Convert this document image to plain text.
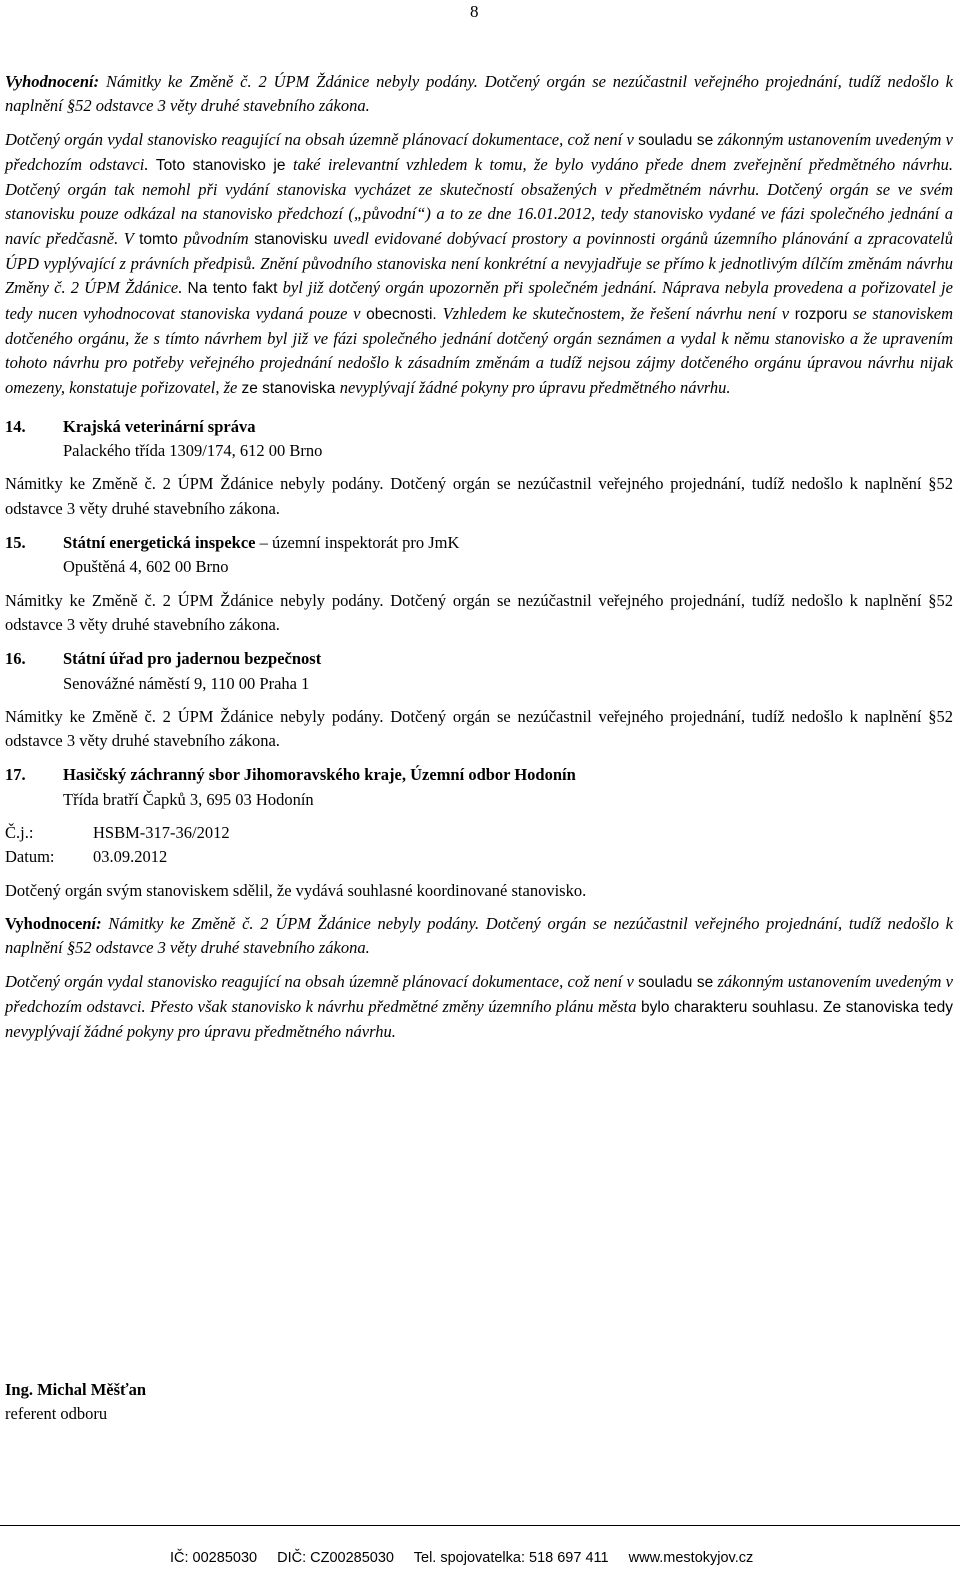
8

Vyhodnocení: Námitky ke Změně č. 2 ÚPM Ždánice nebyly podány. Dotčený orgán se nezúčastnil veřejného projednání, tudíž nedošlo k naplnění §52 odstavce 3 věty druhé stavebního zákona.

Dotčený orgán vydal stanovisko reagující na obsah územně plánovací dokumentace, což není v souladu se zákonným ustanovením uvedeným v předchozím odstavci. Toto stanovisko je také irelevantní vzhledem k tomu, že bylo vydáno přede dnem zveřejnění předmětného návrhu. Dotčený orgán tak nemohl při vydání stanoviska vycházet ze skutečností obsažených v předmětném návrhu. Dotčený orgán se ve svém stanovisku pouze odkázal na stanovisko předchozí („původní“) a to ze dne 16.01.2012, tedy stanovisko vydané ve fázi společného jednání a navíc předčasně. V tomto původním stanovisku uvedl evidované dobývací prostory a povinnosti orgánů územního plánování a zpracovatelů ÚPD vyplývající z právních předpisů. Znění původního stanoviska není konkrétní a nevyjadřuje se přímo k jednotlivým dílčím změnám návrhu Změny č. 2 ÚPM Ždánice. Na tento fakt byl již dotčený orgán upozorněn při společném jednání. Náprava nebyla provedena a pořizovatel je tedy nucen vyhodnocovat stanoviska vydaná pouze v obecnosti. Vzhledem ke skutečnostem, že řešení návrhu není v rozporu se stanoviskem dotčeného orgánu, že s tímto návrhem byl již ve fázi společného jednání dotčený orgán seznámen a vydal k němu stanovisko a že upravením tohoto návrhu pro potřeby veřejného projednání nedošlo k zásadním změnám a tudíž nejsou zájmy dotčeného orgánu úpravou návrhu nijak omezeny, konstatuje pořizovatel, že ze stanoviska nevyplývají žádné pokyny pro úpravu předmětného návrhu.

14.	Krajská veterinární správa
Palackého třída 1309/174, 612 00 Brno

Námitky ke Změně č. 2 ÚPM Ždánice nebyly podány. Dotčený orgán se nezúčastnil veřejného projednání, tudíž nedošlo k naplnění §52 odstavce 3 věty druhé stavebního zákona.

15.	Státní energetická inspekce – územní inspektorát pro JmK
Opuštěná 4, 602 00 Brno

Námitky ke Změně č. 2 ÚPM Ždánice nebyly podány. Dotčený orgán se nezúčastnil veřejného projednání, tudíž nedošlo k naplnění §52 odstavce 3 věty druhé stavebního zákona.

16.	Státní úřad pro jadernou bezpečnost
Senovážné náměstí 9, 110 00 Praha 1

Námitky ke Změně č. 2 ÚPM Ždánice nebyly podány. Dotčený orgán se nezúčastnil veřejného projednání, tudíž nedošlo k naplnění §52 odstavce 3 věty druhé stavebního zákona.

17.	Hasičský záchranný sbor Jihomoravského kraje, Územní odbor Hodonín
Třída bratří Čapků 3, 695 03 Hodonín
Č.j.:	HSBM-317-36/2012
Datum:	03.09.2012

Dotčený orgán svým stanoviskem sdělil, že vydává souhlasné koordinované stanovisko.

Vyhodnocení: Námitky ke Změně č. 2 ÚPM Ždánice nebyly podány. Dotčený orgán se nezúčastnil veřejného projednání, tudíž nedošlo k naplnění §52 odstavce 3 věty druhé stavebního zákona.

Dotčený orgán vydal stanovisko reagující na obsah územně plánovací dokumentace, což není v souladu se zákonným ustanovením uvedeným v předchozím odstavci. Přesto však stanovisko k návrhu předmětné změny územního plánu města bylo charakteru souhlasu. Ze stanoviska tedy nevyplývají žádné pokyny pro úpravu předmětného návrhu.

Ing. Michal Měšťan
referent odboru
IČ: 00285030 DIČ: CZ00285030 Tel. spojovatelka: 518 697 411 www.mestokyjov.cz
